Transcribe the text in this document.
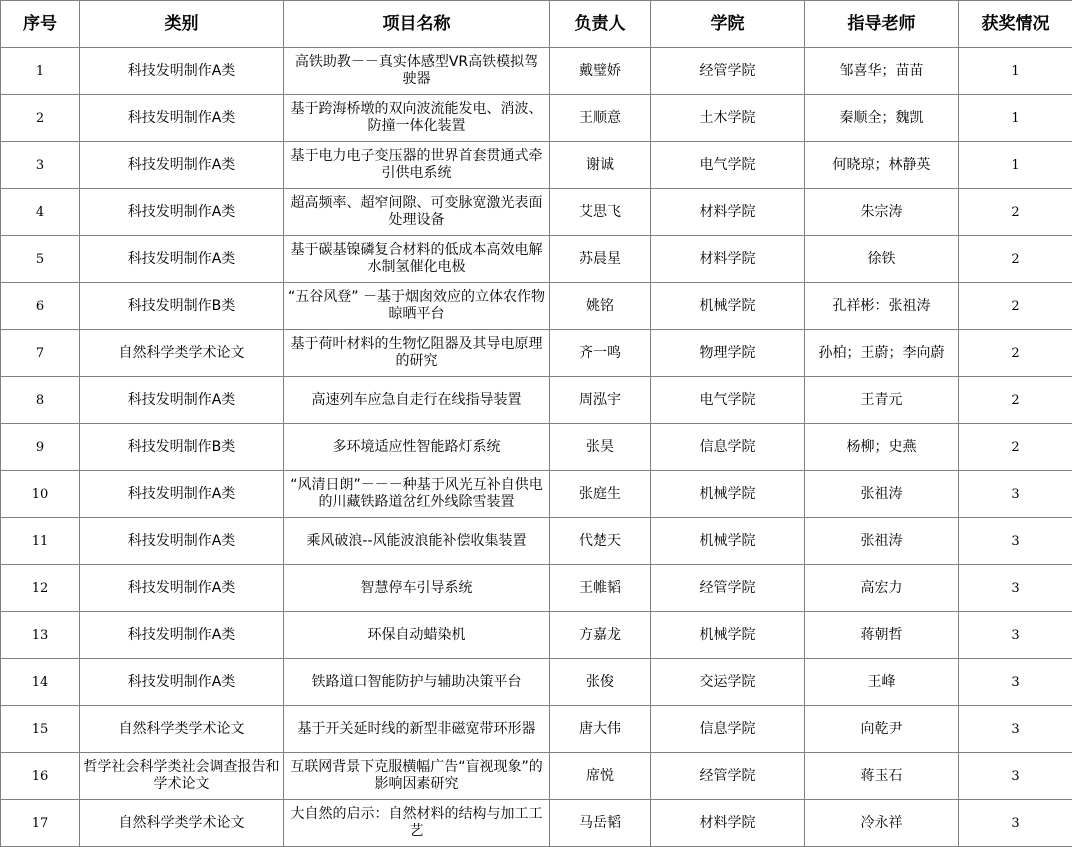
序号	类别	项目名称	负责人	学院	指导老师	获奖情况
1	科技发明制作A类	高铁助教－－真实体感型VR高铁模拟驾驶器	戴璧娇	经管学院	邹喜华；苗苗	1
2	科技发明制作A类	基于跨海桥墩的双向波流能发电、消波、防撞一体化装置	王顺意	土木学院	秦顺全；魏凯	1
3	科技发明制作A类	基于电力电子变压器的世界首套贯通式牵引供电系统	谢诚	电气学院	何晓琼；林静英	1
4	科技发明制作A类	超高频率、超窄间隙、可变脉宽激光表面处理设备	艾思飞	材料学院	朱宗涛	2
5	科技发明制作A类	基于碳基镍磷复合材料的低成本高效电解水制氢催化电极	苏晨星	材料学院	徐铁	2
6	科技发明制作B类	“五谷风登” －基于烟囱效应的立体农作物晾晒平台	姚铭	机械学院	孔祥彬：张祖涛	2
7	自然科学类学术论文	基于荷叶材料的生物忆阻器及其导电原理的研究	齐一鸣	物理学院	孙柏；王蔚；李向蔚	2
8	科技发明制作A类	高速列车应急自走行在线指导装置	周泓宇	电气学院	王青元	2
9	科技发明制作B类	多环境适应性智能路灯系统	张昊	信息学院	杨柳；史燕	2
10	科技发明制作A类	“风清日朗”－－－种基于风光互补自供电的川藏铁路道岔红外线除雪装置	张庭生	机械学院	张祖涛	3
11	科技发明制作A类	乘风破浪--风能波浪能补偿收集装置	代楚天	机械学院	张祖涛	3
12	科技发明制作A类	智慧停车引导系统	王帷韬	经管学院	高宏力	3
13	科技发明制作A类	环保自动蜡染机	方嘉龙	机械学院	蒋朝哲	3
14	科技发明制作A类	铁路道口智能防护与辅助决策平台	张俊	交运学院	王峰	3
15	自然科学类学术论文	基于开关延时线的新型非磁宽带环形器	唐大伟	信息学院	向乾尹	3
16	哲学社会科学类社会调查报告和学术论文	互联网背景下克服横幅广告“盲视现象”的影响因素研究	席悦	经管学院	蒋玉石	3
17	自然科学类学术论文	大自然的启示：自然材料的结构与加工工艺	马岳韬	材料学院	冷永祥	3
